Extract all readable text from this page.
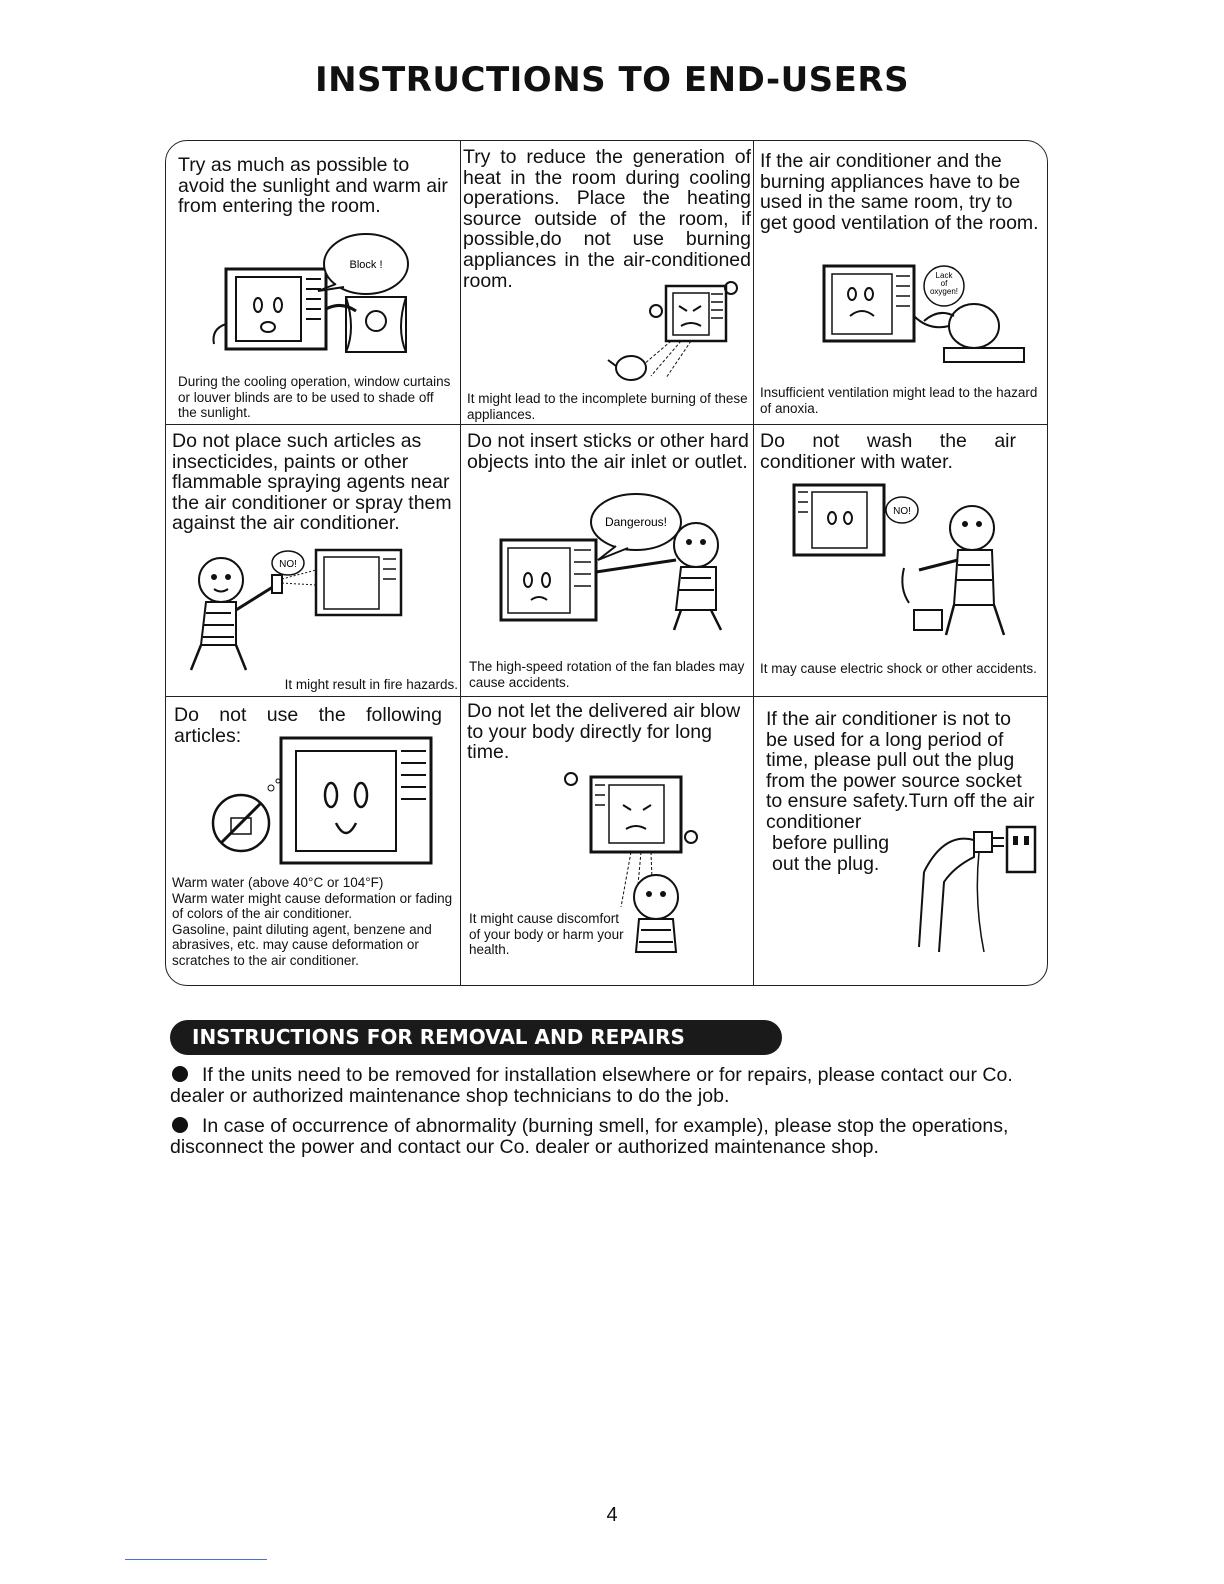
INSTRUCTIONS TO END-USERS
Try as much as possible to avoid the sunlight and warm air from entering the room.
Block !
During the cooling operation, window curtains or louver blinds are to be used to shade off the sunlight.
Try to reduce the generation of heat in the room during cooling operations. Place the heating source outside of the room, if possible,do not use burning appliances in the air-conditioned room.
It might lead to the incomplete burning of these appliances.
If the air conditioner and the burning appliances have to be used in the same room, try to get good ventilation of the room.
Lack
of
oxygen!
Insufficient ventilation might lead to the hazard of anoxia.
Do not place such articles as insecticides, paints or other flammable spraying agents near the air conditioner or spray them against the air conditioner.
NO!
It might result in fire hazards.
Do not insert sticks or other hard objects into the air inlet or outlet.
Dangerous!
The high-speed rotation of the fan blades may cause accidents.
Do not wash the air conditioner with water.
NO!
It may cause electric shock or other accidents.
Do not use the following articles:
Warm water (above 40°C or 104°F)
Warm water might cause deformation or fading of colors of the air conditioner.
Gasoline, paint diluting agent, benzene and abrasives, etc. may cause deformation or scratches to the air conditioner.
Do not let the delivered air blow to your body directly for long time.
It might cause discomfort of your body or harm your health.
If the air conditioner is not to be used for a long period of time, please pull out the plug from the power source socket to ensure safety.Turn off the air conditioner
before pulling out the plug.
INSTRUCTIONS FOR REMOVAL AND REPAIRS
If the units need to be removed for installation elsewhere or for repairs, please contact our Co. dealer or authorized maintenance shop technicians to do the job.
In case of occurrence of abnormality (burning smell, for example), please stop the operations, disconnect the power and contact our Co. dealer or authorized maintenance shop.
4
